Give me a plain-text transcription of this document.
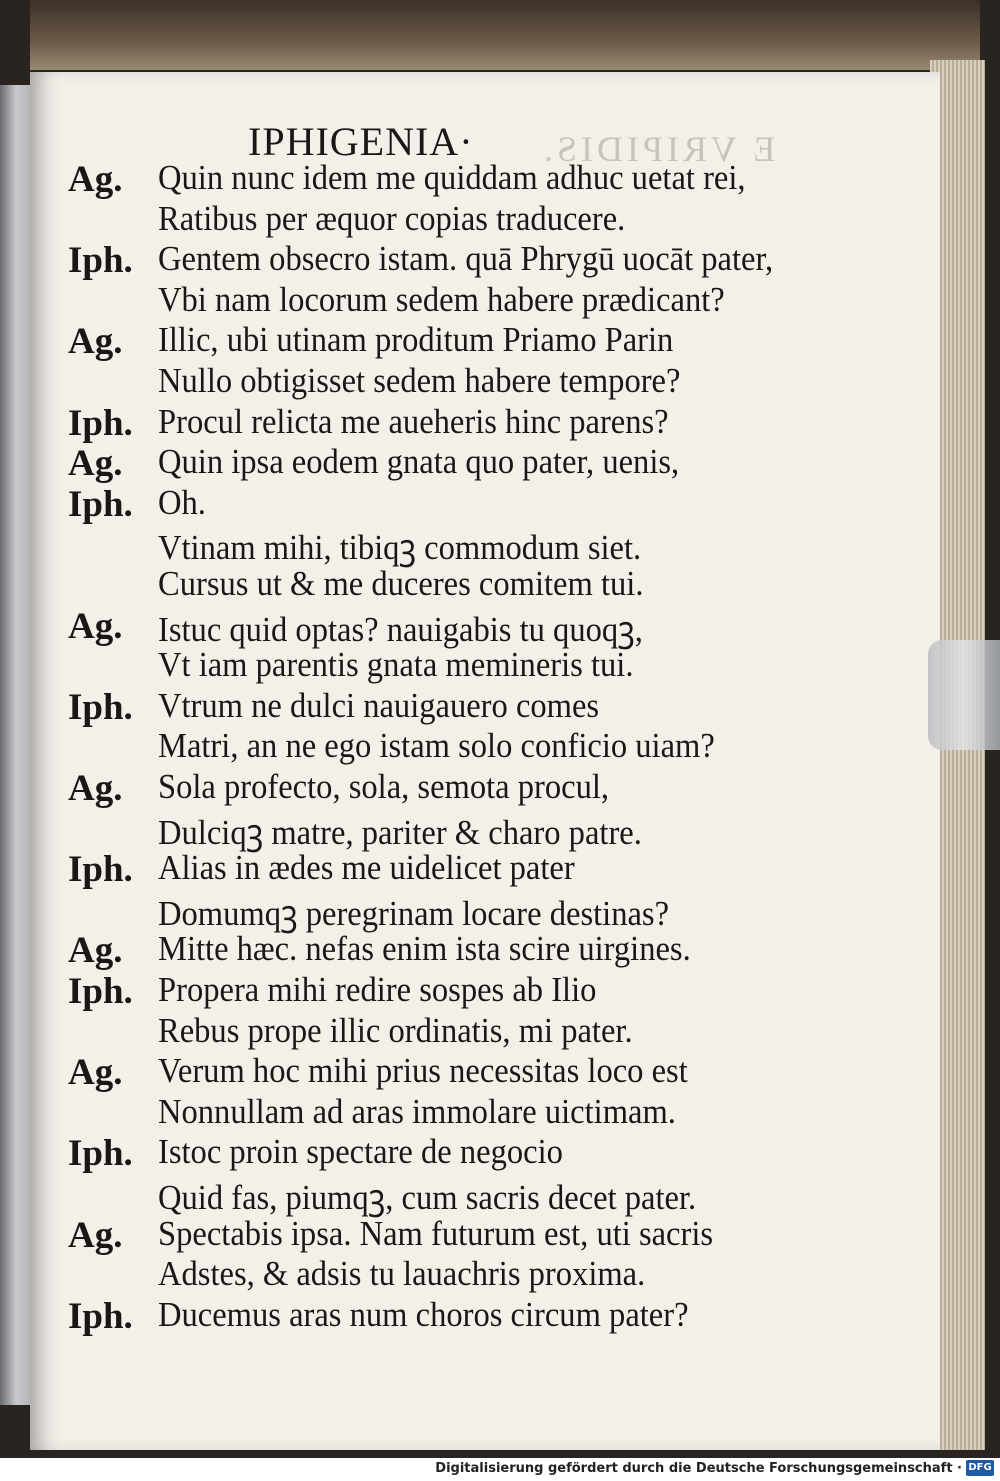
E VRIPIDIS.
IPHIGENIA·
Ag. Quin nunc idem me quiddam adhuc uetat rei,
Ratibus per æquor copias traducere.
Iph. Gentem obsecro istam. quā Phrygū uocāt pater,
Vbi nam locorum sedem habere prædicant?
Ag. Illic, ubi utinam proditum Priamo Parin
Nullo obtigisset sedem habere tempore?
Iph. Procul relicta me aueheris hinc parens?
Ag. Quin ipsa eodem gnata quo pater, uenis,
Iph. Oh.
Vtinam mihi, tibiqꝫ commodum siet.
Cursus ut & me duceres comitem tui.
Ag. Istuc quid optas? nauigabis tu quoqꝫ,
Vt iam parentis gnata memineris tui.
Iph. Vtrum ne dulci nauigauero comes
Matri, an ne ego istam solo conficio uiam?
Ag. Sola profecto, sola, semota procul,
Dulciqꝫ matre, pariter & charo patre.
Iph. Alias in ædes me uidelicet pater
Domumqꝫ peregrinam locare destinas?
Ag. Mitte hæc. nefas enim ista scire uirgines.
Iph. Propera mihi redire sospes ab Ilio
Rebus prope illic ordinatis, mi pater.
Ag. Verum hoc mihi prius necessitas loco est
Nonnullam ad aras immolare uictimam.
Iph. Istoc proin spectare de negocio
Quid fas, piumqꝫ, cum sacris decet pater.
Ag. Spectabis ipsa. Nam futurum est, uti sacris
Adstes, & adsis tu lauachris proxima.
Iph. Ducemus aras num choros circum pater?
Digitalisierung gefördert durch die Deutsche Forschungsgemeinschaft · DFG
